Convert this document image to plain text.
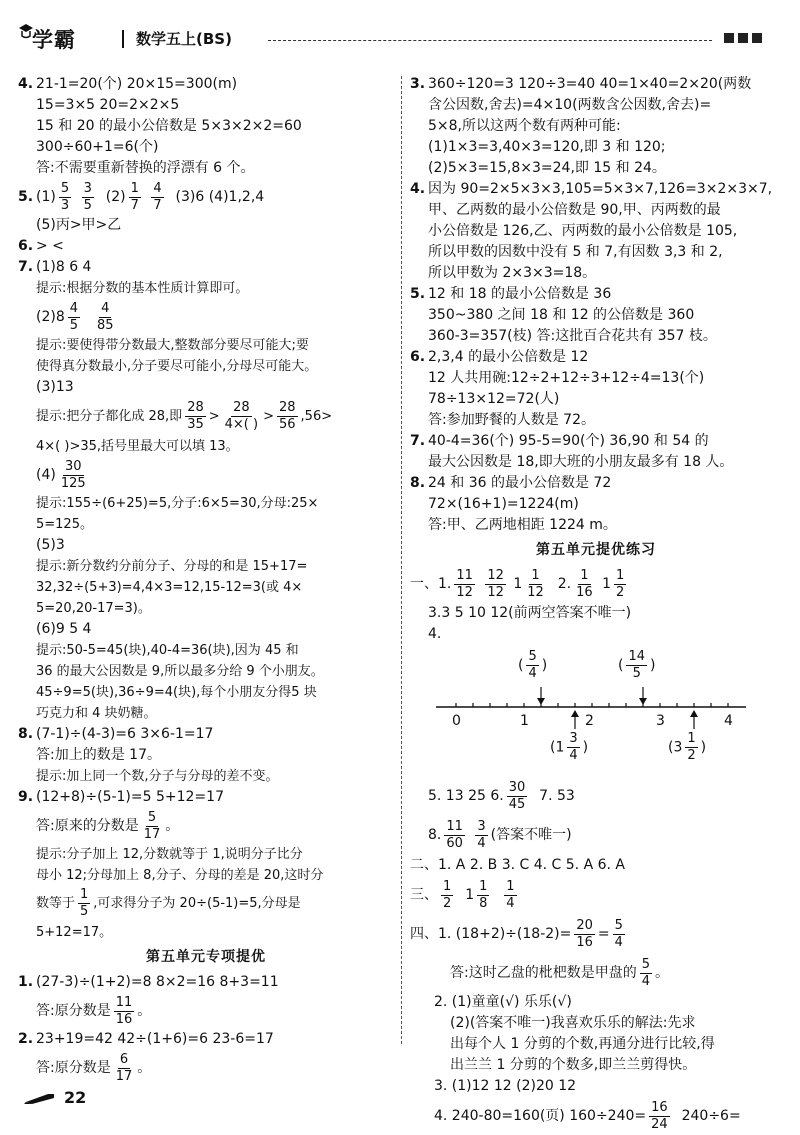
学霸	数学五上(BS)
4. 21-1=20(个) 20×15=300(m)
15=3×5 20=2×2×5
15 和 20 的最小公倍数是 5×3×2×2=60
300÷60+1=6(个)
答:不需要重新替换的浮漂有 6 个。
5. $(1) \frac{5}{3}$
$\frac{3}{5} (2) \frac{1}{7}$
$\frac{4}{7} (3)6$ (4)1,2,4
(5)丙>甲>乙
6. > <
7. (1)8 6 4
提示:根据分数的基本性质计算即可。
$(2)8 \frac{4}{5}$
$\frac{4}{85}$
提示:要使得带分数最大,整数部分要尽可能大;要
使得真分数最小,分子要尽可能小,分母尽可能大。
(3)13
提示:把分子都化成 28,即 $\frac{28}{35} > \frac{28}{4\times( )} > \frac{28}{56} ,56>$
4×( )>35,括号里最大可以填 13。
$(4) \frac{30}{125}$
提示:155÷(6+25)=5,分子:6×5=30,分母:25×
5=125。
(5)3
提示:新分数约分前分子、分母的和是 15+17=
32,32÷(5+3)=4,4×3=12,15-12=3(或 4×
5=20,20-17=3)。
(6)9 5 4
提示:50-5=45(块),40-4=36(块),因为 45 和
36 的最大公因数是 9,所以最多分给 9 个小朋友。
45÷9=5(块),36÷9=4(块),每个小朋友分得5 块
巧克力和 4 块奶糖。
8. (7-1)÷(4-3)=6 3×6-1=17
答:加上的数是 17。
提示:加上同一个数,分子与分母的差不变。
9. (12+8)÷(5-1)=5 5+12=17
答:原来的分数是 $\frac{5}{17}$ 。
提示:分子加上 12,分数就等于 1,说明分子比分
母小 12;分母加上 8,分子、分母的差是 20,这时分
数等于 $\frac{1}{5}$ ,可求得分子为 20÷(5-1)=5,分母是
5+12=17。
第五单元专项提优
1. (27-3)÷(1+2)=8 8×2=16 8+3=11
答:原分数是 $\frac{11}{16}$ 。
2. 23+19=42 42÷(1+6)=6 23-6=17
答:原分数是 $\frac{6}{17}$ 。
3. 360÷120=3 120÷3=40 40=1×40=2×20(两数
含公因数,舍去)=4×10(两数含公因数,舍去)=
5×8,所以这两个数有两种可能:
(1)1×3=3,40×3=120,即 3 和 120;
(2)5×3=15,8×3=24,即 15 和 24。
4. 因为 90=2×5×3×3,105=5×3×7,126=3×2×3×7,
甲、乙两数的最小公倍数是 90,甲、丙两数的最
小公倍数是 126,乙、丙两数的最小公倍数是 105,
所以甲数的因数中没有 5 和 7,有因数 3,3 和 2,
所以甲数为 2×3×3=18。
5. 12 和 18 的最小公倍数是 36
350~380 之间 18 和 12 的公倍数是 360
360-3=357(枝) 答:这批百合花共有 357 枝。
6. 2,3,4 的最小公倍数是 12
12 人共用碗:12÷2+12÷3+12÷4=13(个)
78÷13×12=72(人)
答:参加野餐的人数是 72。
7. 40-4=36(个) 95-5=90(个) 36,90 和 54 的
最大公因数是 18,即大班的小朋友最多有 18 人。
8. 24 和 36 的最小公倍数是 72
72×(16+1)=1224(m)
答:甲、乙两地相距 1224 m。
第五单元提优练习
一、1. $\frac{11}{12}$
$\frac{12}{12} 1 \frac{1}{12} 2$. $\frac{1}{16} 1 \frac{1}{2}$
3.3 5 10 12(前两空答案不唯一)
4.
0	1	2	3	4
( $\frac{5}{4}$ )	( $\frac{14}{5}$ )
($1 \frac{3}{4}$ )	($3 \frac{1}{2}$ )
5. 13 25 6. $\frac{30}{45} 7$. 53
8. $\frac{11}{60}$
$\frac{3}{4}$ (答案不唯一)
二、1. A 2. B 3. C 4. C 5. A 6. A
三、 $\frac{1}{2} 1 \frac{1}{8}$
$\frac{1}{4}$
四、1. $(18+2)\div(18-2)= \frac{20}{16} = \frac{5}{4}$
答:这时乙盘的枇杷数是甲盘的 $\frac{5}{4}$ 。
2. (1)童童(√) 乐乐(√)
(2)(答案不唯一)我喜欢乐乐的解法:先求
出每个人 1 分剪的个数,再通分进行比较,得
出兰兰 1 分剪的个数多,即兰兰剪得快。
3. (1)12 12 (2)20 12
4. 240-80=160(页) $160\div 240= \frac{16}{24} 240\div 6=$
22
